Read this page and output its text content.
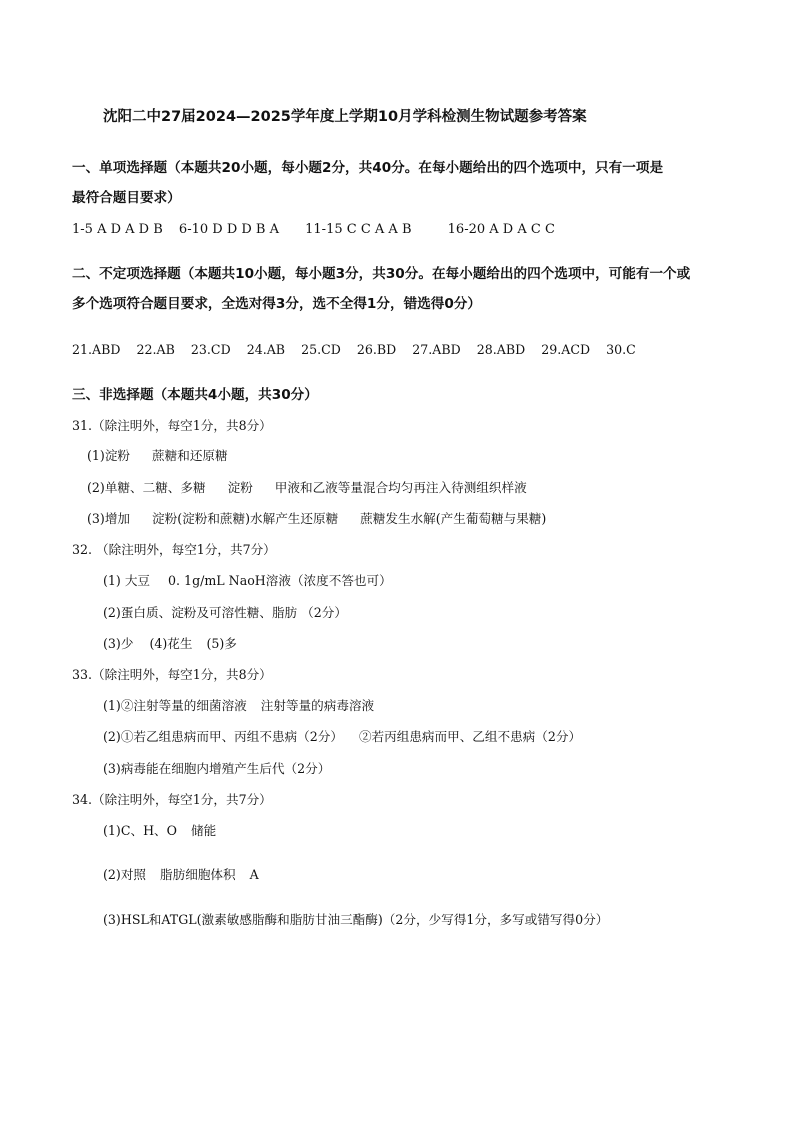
沈阳二中27届2024—2025学年度上学期10月学科检测生物试题参考答案
一、单项选择题（本题共20小题，每小题2分，共40分。在每小题给出的四个选项中，只有一项是
最符合题目要求）
1-5 A D A D B 6-10 D D D B A 11-15 C C A A B	16-20 A D A C C
二、不定项选择题（本题共10小题，每小题3分，共30分。在每小题给出的四个选项中，可能有一个或
多个选项符合题目要求，全选对得3分，选不全得1分，错选得0分）
21.ABD 22.AB 23.CD 24.AB 25.CD 26.BD 27.ABD 28.ABD 29.ACD 30.C
三、非选择题（本题共4小题，共30分）
31.（除注明外，每空1分，共8分）
(1)淀粉 蔗糖和还原糖
(2)单糖、二糖、多糖 淀粉 甲液和乙液等量混合均匀再注入待测组织样液
(3)增加 淀粉(淀粉和蔗糖)水解产生还原糖 蔗糖发生水解(产生葡萄糖与果糖)
32. （除注明外，每空1分，共7分）
(1) 大豆 0. 1g/mL NaoH溶液（浓度不答也可）
(2)蛋白质、淀粉及可溶性糖、脂肪 （2分）
(3)少 (4)花生 (5)多
33.（除注明外，每空1分，共8分）
(1)②注射等量的细菌溶液 注射等量的病毒溶液
(2)①若乙组患病而甲、丙组不患病（2分） ②若丙组患病而甲、乙组不患病（2分）
(3)病毒能在细胞内增殖产生后代（2分）
34.（除注明外，每空1分，共7分）
(1)C、H、O 储能
(2)对照 脂肪细胞体积 A
(3)HSL和ATGL(激素敏感脂酶和脂肪甘油三酯酶)（2分，少写得1分，多写或错写得0分）
